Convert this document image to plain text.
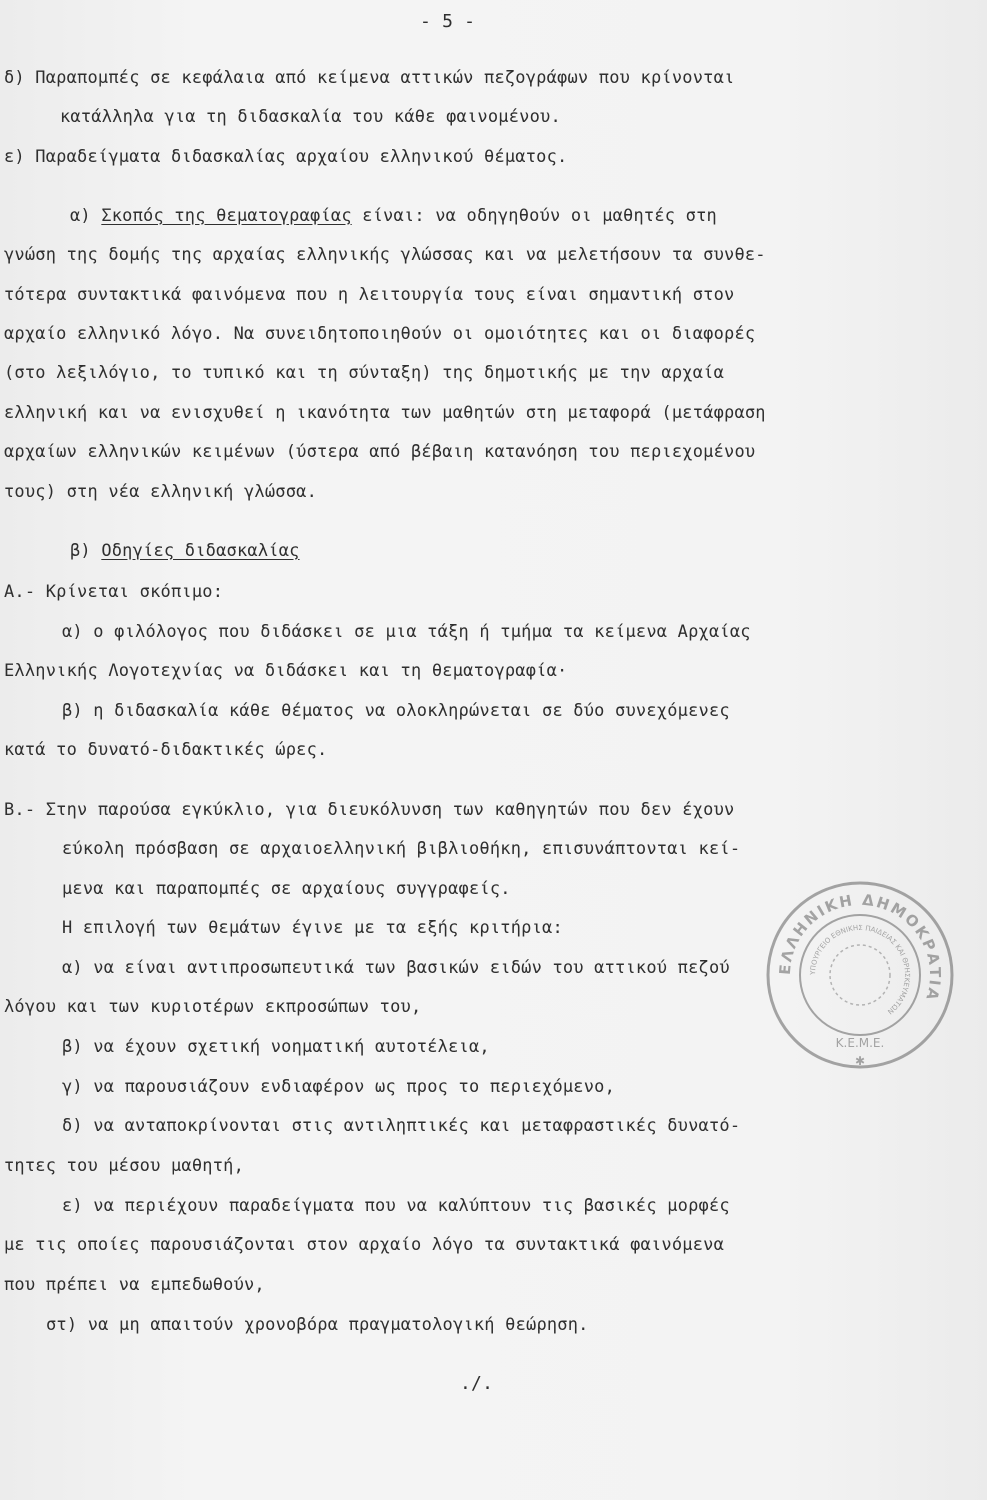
- 5 -
δ) Παραπομπές σε κεφάλαια από κείμενα αττικών πεζογράφων που κρίνονται
κατάλληλα για τη διδασκαλία του κάθε φαινομένου.
ε) Παραδείγματα διδασκαλίας αρχαίου ελληνικού θέματος.
α) Σκοπός της θεματογραφίας είναι: να οδηγηθούν οι μαθητές στη
γνώση της δομής της αρχαίας ελληνικής γλώσσας και να μελετήσουν τα συνθε-
τότερα συντακτικά φαινόμενα που η λειτουργία τους είναι σημαντική στον
αρχαίο ελληνικό λόγο. Να συνειδητοποιηθούν οι ομοιότητες και οι διαφορές
(στο λεξιλόγιο, το τυπικό και τη σύνταξη) της δημοτικής με την αρχαία
ελληνική και να ενισχυθεί η ικανότητα των μαθητών στη μεταφορά (μετάφραση
αρχαίων ελληνικών κειμένων (ύστερα από βέβαιη κατανόηση του περιεχομένου
τους) στη νέα ελληνική γλώσσα.
β) Οδηγίες διδασκαλίας
Α.- Κρίνεται σκόπιμο:
α) ο φιλόλογος που διδάσκει σε μια τάξη ή τμήμα τα κείμενα Αρχαίας
Ελληνικής Λογοτεχνίας να διδάσκει και τη θεματογραφία·
β) η διδασκαλία κάθε θέματος να ολοκληρώνεται σε δύο συνεχόμενες
κατά το δυνατό-διδακτικές ώρες.
Β.- Στην παρούσα εγκύκλιο, για διευκόλυνση των καθηγητών που δεν έχουν
εύκολη πρόσβαση σε αρχαιοελληνική βιβλιοθήκη, επισυνάπτονται κεί-
μενα και παραπομπές σε αρχαίους συγγραφείς.
Η επιλογή των θεμάτων έγινε με τα εξής κριτήρια:
α) να είναι αντιπροσωπευτικά των βασικών ειδών του αττικού πεζού
λόγου και των κυριοτέρων εκπροσώπων του,
β) να έχουν σχετική νοηματική αυτοτέλεια,
γ) να παρουσιάζουν ενδιαφέρον ως προς το περιεχόμενο,
δ) να ανταποκρίνονται στις αντιληπτικές και μεταφραστικές δυνατό-
τητες του μέσου μαθητή,
ε) να περιέχουν παραδείγματα που να καλύπτουν τις βασικές μορφές
με τις οποίες παρουσιάζονται στον αρχαίο λόγο τα συντακτικά φαινόμενα
που πρέπει να εμπεδωθούν,
στ) να μη απαιτούν χρονοβόρα πραγματολογική θεώρηση.
./.
ΕΛΛΗΝΙΚΗ ΔΗΜΟΚΡΑΤΙΑ
ΥΠΟΥΡΓΕΙΟ ΕΘΝΙΚΗΣ ΠΑΙΔΕΙΑΣ ΚΑΙ ΘΡΗΣΚΕΥΜΑΤΩΝ
Κ.Ε.Μ.Ε.
✱
